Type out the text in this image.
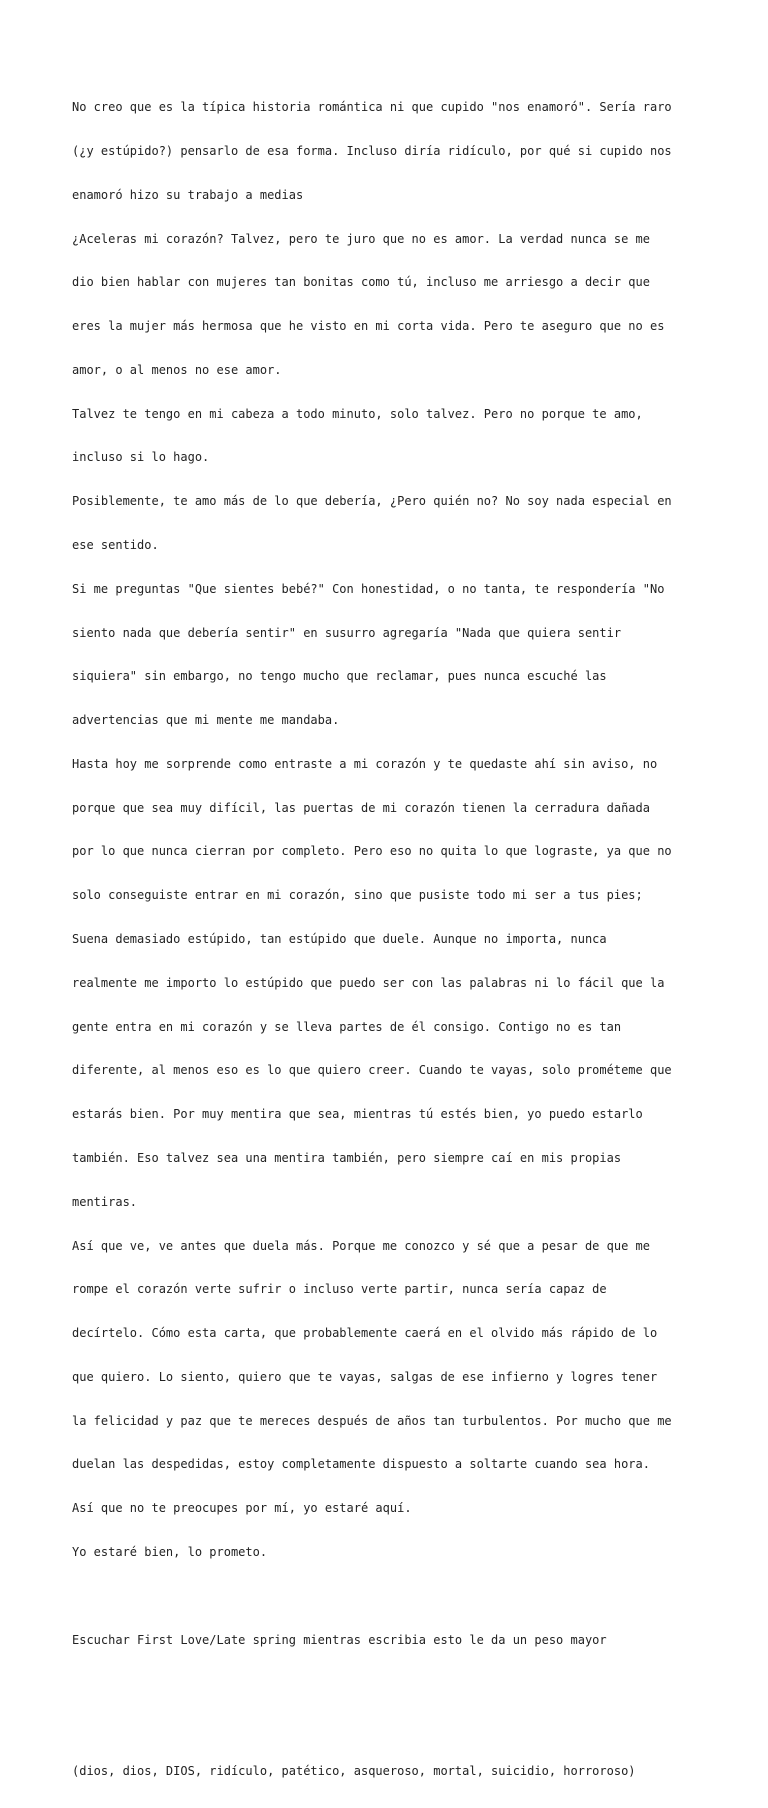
No creo que es la típica historia romántica ni que cupido "nos enamoró". Sería raro

(¿y estúpido?) pensarlo de esa forma. Incluso diría ridículo, por qué si cupido nos

enamoró hizo su trabajo a medias

¿Aceleras mi corazón? Talvez, pero te juro que no es amor. La verdad nunca se me

dio bien hablar con mujeres tan bonitas como tú, incluso me arriesgo a decir que

eres la mujer más hermosa que he visto en mi corta vida. Pero te aseguro que no es

amor, o al menos no ese amor.

Talvez te tengo en mi cabeza a todo minuto, solo talvez. Pero no porque te amo,

incluso si lo hago.

Posiblemente, te amo más de lo que debería, ¿Pero quién no? No soy nada especial en

ese sentido.

Si me preguntas "Que sientes bebé?" Con honestidad, o no tanta, te respondería "No

siento nada que debería sentir" en susurro agregaría "Nada que quiera sentir

siquiera" sin embargo, no tengo mucho que reclamar, pues nunca escuché las

advertencias que mi mente me mandaba.

Hasta hoy me sorprende como entraste a mi corazón y te quedaste ahí sin aviso, no

porque que sea muy difícil, las puertas de mi corazón tienen la cerradura dañada

por lo que nunca cierran por completo. Pero eso no quita lo que lograste, ya que no

solo conseguiste entrar en mi corazón, sino que pusiste todo mi ser a tus pies;

Suena demasiado estúpido, tan estúpido que duele. Aunque no importa, nunca

realmente me importo lo estúpido que puedo ser con las palabras ni lo fácil que la

gente entra en mi corazón y se lleva partes de él consigo. Contigo no es tan

diferente, al menos eso es lo que quiero creer. Cuando te vayas, solo prométeme que

estarás bien. Por muy mentira que sea, mientras tú estés bien, yo puedo estarlo

también. Eso talvez sea una mentira también, pero siempre caí en mis propias

mentiras.

Así que ve, ve antes que duela más. Porque me conozco y sé que a pesar de que me

rompe el corazón verte sufrir o incluso verte partir, nunca sería capaz de

decírtelo. Cómo esta carta, que probablemente caerá en el olvido más rápido de lo

que quiero. Lo siento, quiero que te vayas, salgas de ese infierno y logres tener

la felicidad y paz que te mereces después de años tan turbulentos. Por mucho que me

duelan las despedidas, estoy completamente dispuesto a soltarte cuando sea hora.

Así que no te preocupes por mí, yo estaré aquí.

Yo estaré bien, lo prometo.

Escuchar First Love/Late spring mientras escribia esto le da un peso mayor

(dios, dios, DIOS, ridículo, patético, asqueroso, mortal, suicidio, horroroso)
